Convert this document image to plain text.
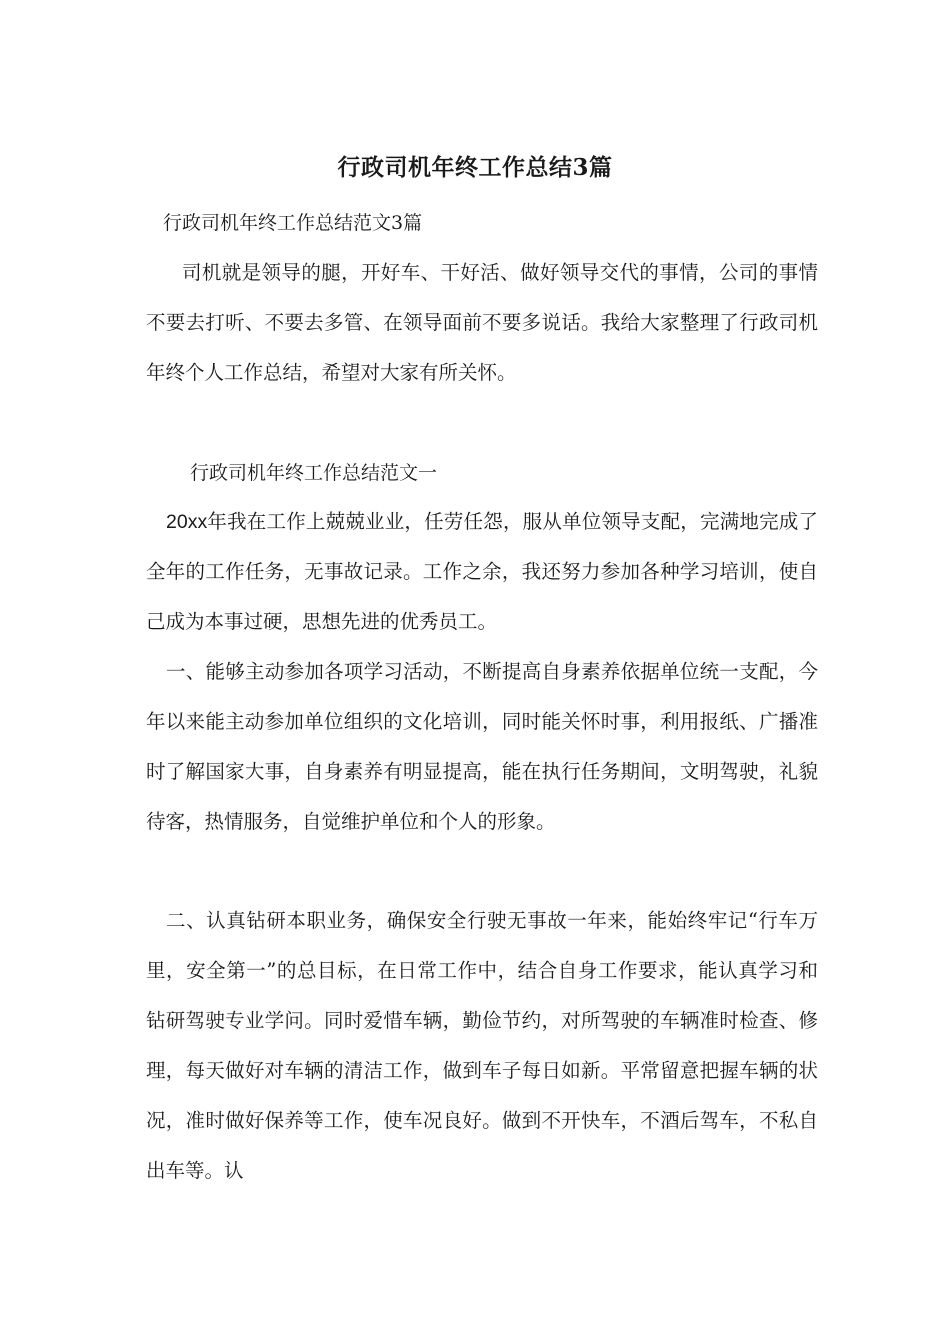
行政司机年终工作总结3篇
行政司机年终工作总结范文3篇

司机就是领导的腿，开好车、干好活、做好领导交代的事情，公司的事情不要去打听、不要去多管、在领导面前不要多说话。我给大家整理了行政司机年终个人工作总结，希望对大家有所关怀。

行政司机年终工作总结范文一

20xx年我在工作上兢兢业业，任劳任怨，服从单位领导支配，完满地完成了全年的工作任务，无事故记录。工作之余，我还努力参加各种学习培训，使自己成为本事过硬，思想先进的优秀员工。

一、能够主动参加各项学习活动，不断提高自身素养依据单位统一支配，今年以来能主动参加单位组织的文化培训，同时能关怀时事，利用报纸、广播准时了解国家大事，自身素养有明显提高，能在执行任务期间，文明驾驶，礼貌待客，热情服务，自觉维护单位和个人的形象。

二、认真钻研本职业务，确保安全行驶无事故一年来，能始终牢记“行车万里，安全第一”的总目标，在日常工作中，结合自身工作要求，能认真学习和钻研驾驶专业学问。同时爱惜车辆，勤俭节约，对所驾驶的车辆准时检查、修理，每天做好对车辆的清洁工作，做到车子每日如新。平常留意把握车辆的状况，准时做好保养等工作，使车况良好。做到不开快车，不酒后驾车，不私自出车等。认
